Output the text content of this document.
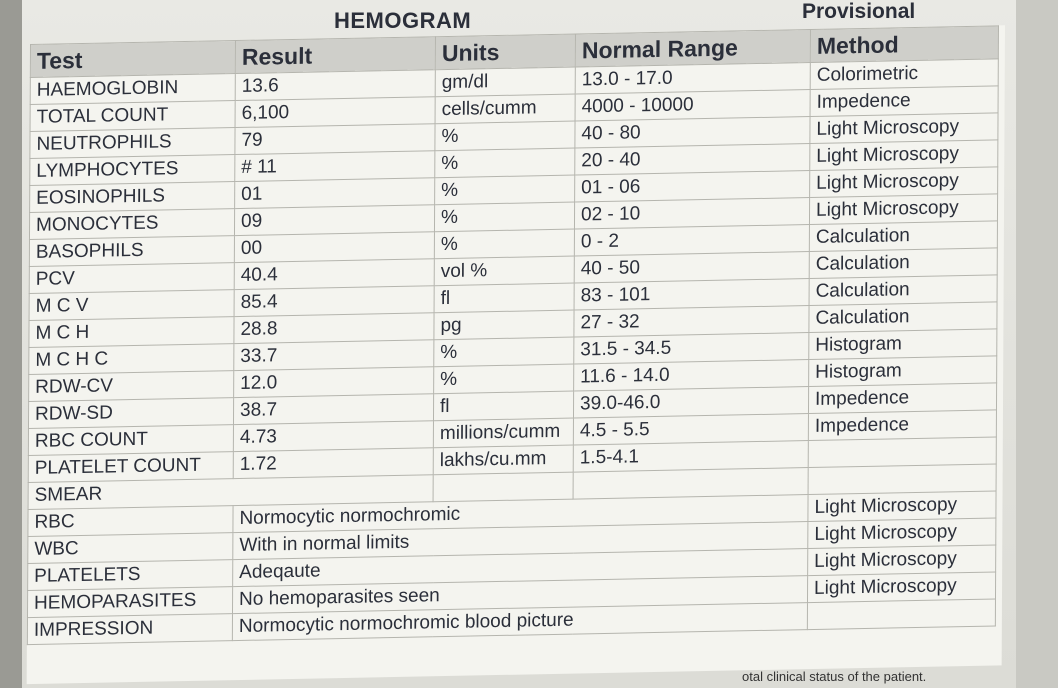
HEMOGRAM	Provisional
Test	Result	Units	Normal Range	Method
HAEMOGLOBIN	13.6	gm/dl	13.0 - 17.0	Colorimetric
TOTAL COUNT	6,100	cells/cumm	4000 - 10000	Impedence
NEUTROPHILS	79	%	40 - 80	Light Microscopy
LYMPHOCYTES	# 11	%	20 - 40	Light Microscopy
EOSINOPHILS	01	%	01 - 06	Light Microscopy
MONOCYTES	09	%	02 - 10	Light Microscopy
BASOPHILS	00	%	0 - 2	Calculation
PCV	40.4	vol %	40 - 50	Calculation
M C V	85.4	fl	83 - 101	Calculation
M C H	28.8	pg	27 - 32	Calculation
M C H C	33.7	%	31.5 - 34.5	Histogram
RDW-CV	12.0	%	11.6 - 14.0	Histogram
RDW-SD	38.7	fl	39.0-46.0	Impedence
RBC COUNT	4.73	millions/cumm	4.5 - 5.5	Impedence
PLATELET COUNT	1.72	lakhs/cu.mm	1.5-4.1	
SMEAR				
RBC	Normocytic normochromic			Light Microscopy
WBC	With in normal limits			Light Microscopy
PLATELETS	Adeqaute			Light Microscopy
HEMOPARASITES	No hemoparasites seen			Light Microscopy
IMPRESSION	Normocytic normochromic blood picture			
otal clinical status of the patient.
